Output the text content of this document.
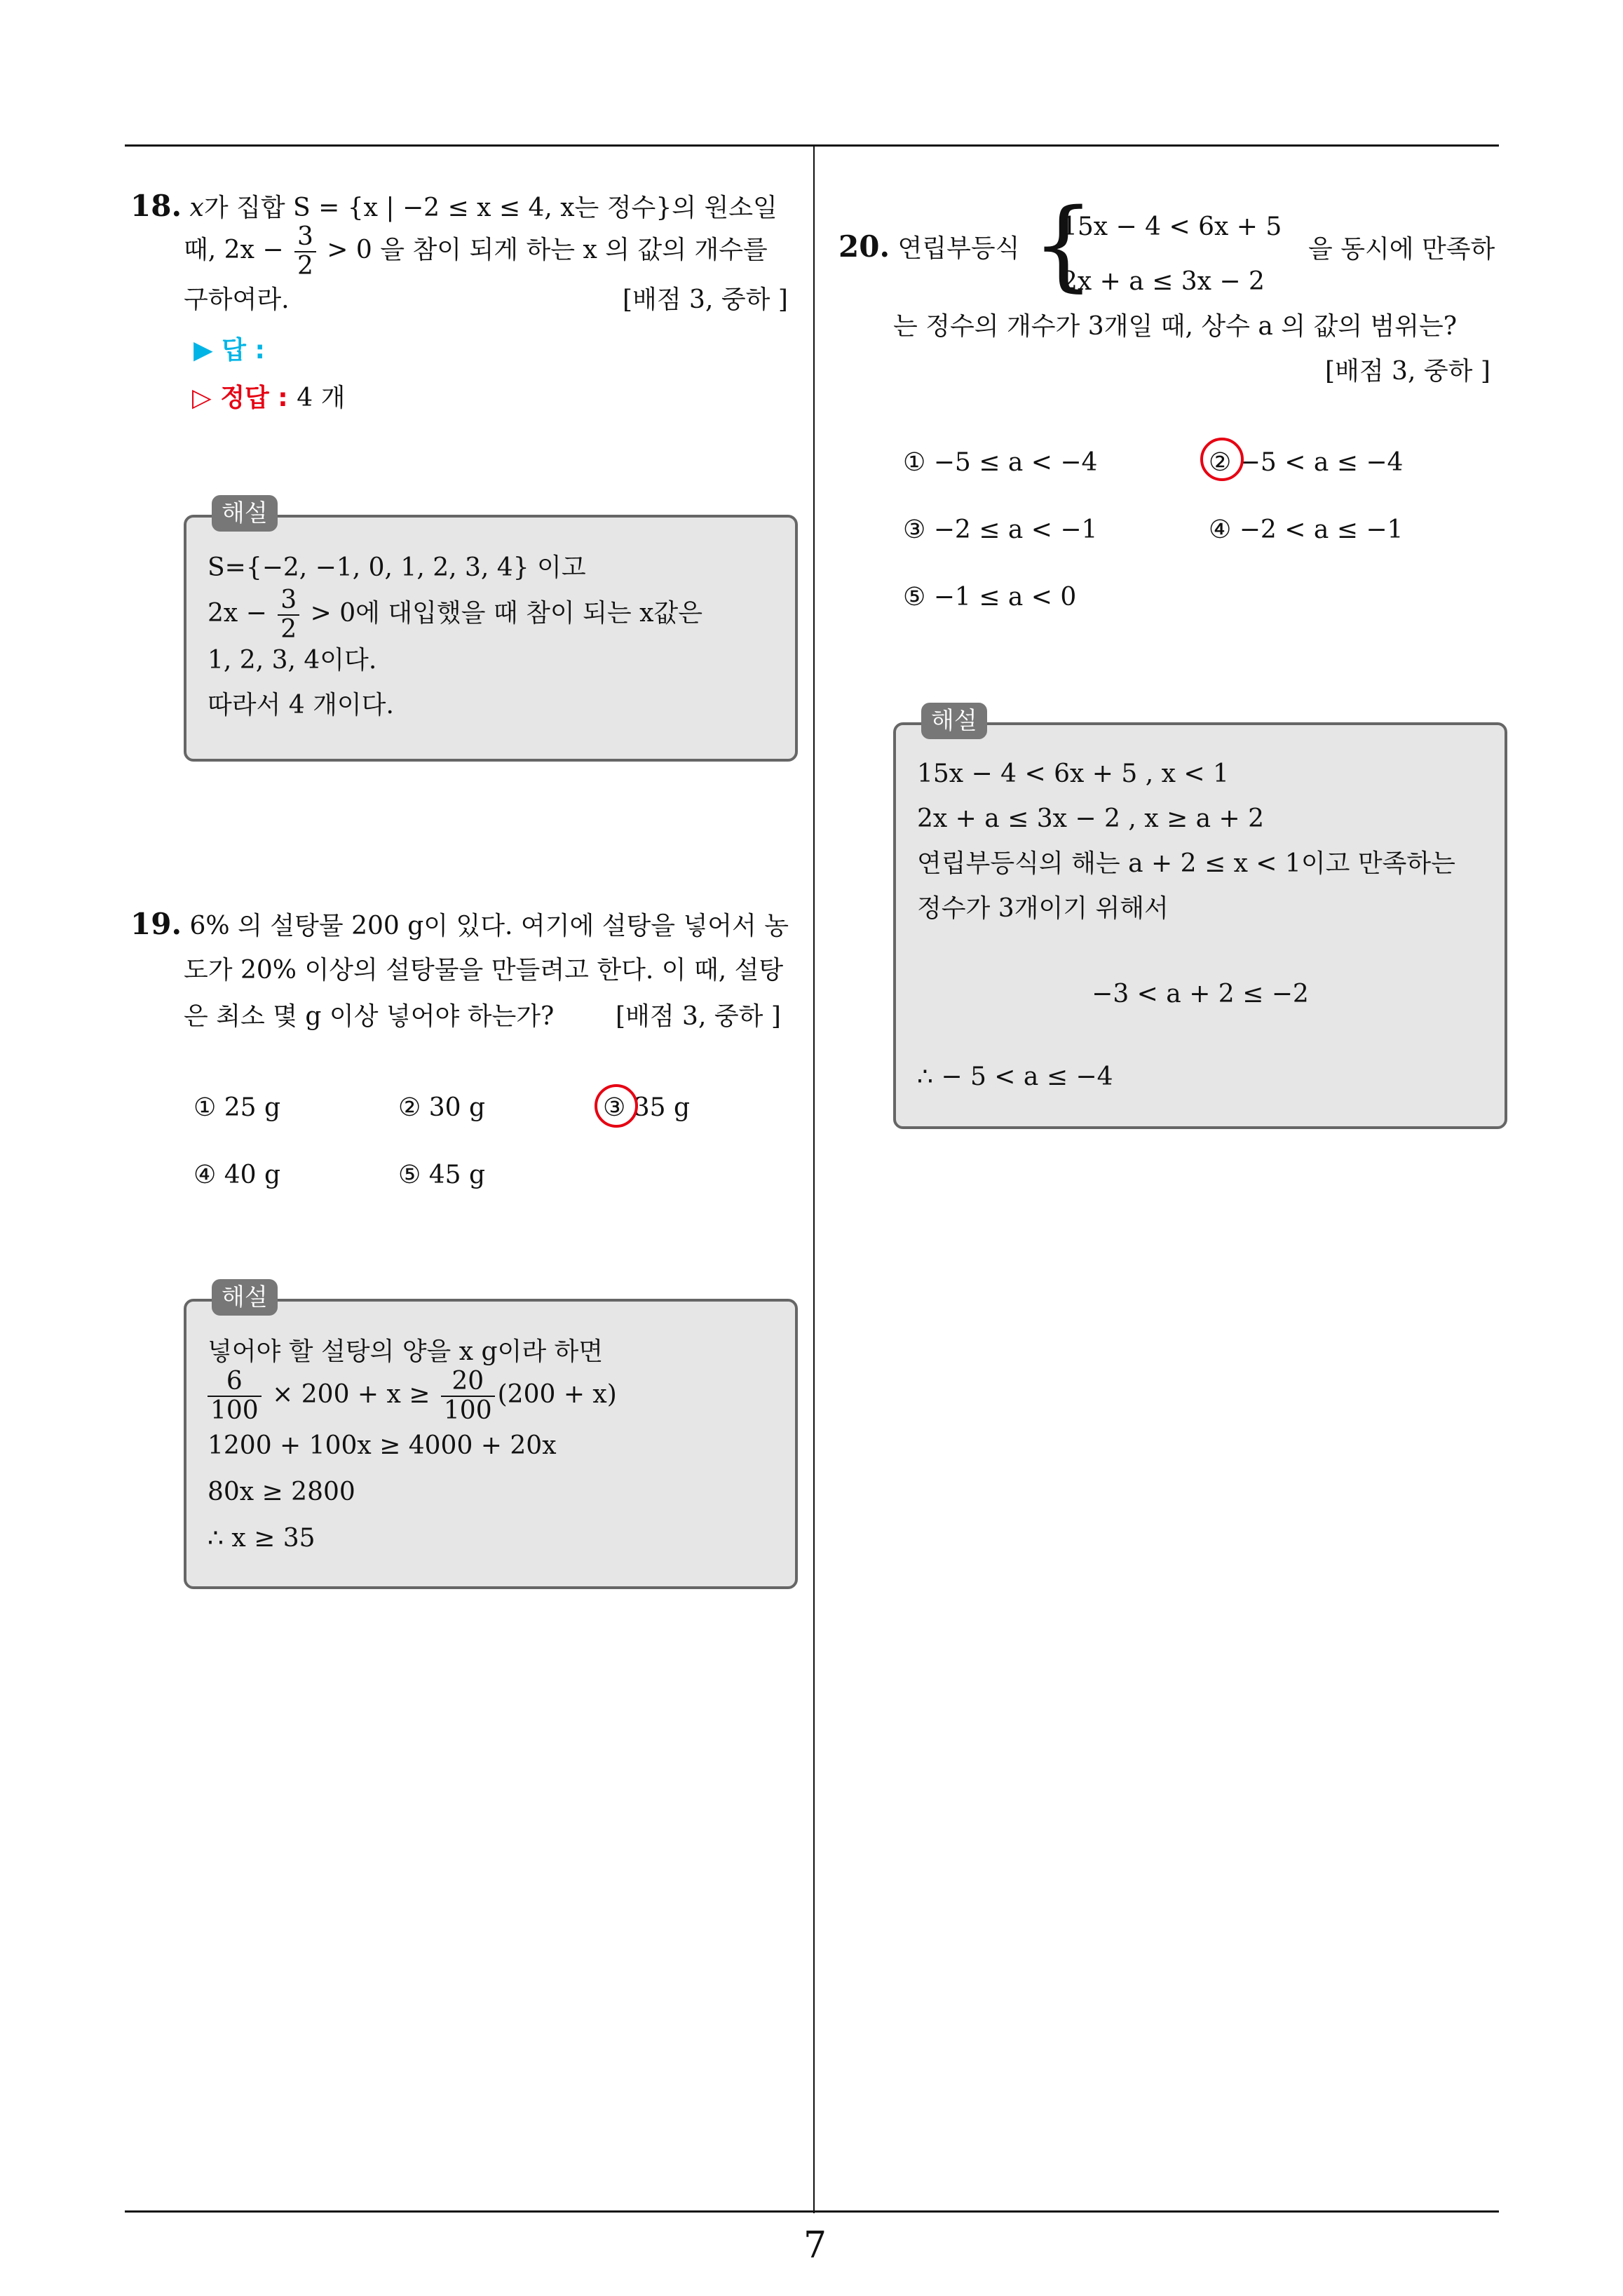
18. x가 집합 S = {x | −2 ≤ x ≤ 4, x는 정수}의 원소일
때, $2x - \frac{3}{2} > 0$ 을 참이 되게 하는 x 의 값의 개수를
구하여라.	[배점 3, 중하 ]
▶ 답 :
▷ 정답 : 4 개
해설
S={−2, −1, 0, 1, 2, 3, 4} 이고
$2x - \frac{3}{2} > 0$에 대입했을 때 참이 되는 x값은
1, 2, 3, 4이다.
따라서 4 개이다.
19. 6% 의 설탕물 200 g이 있다. 여기에 설탕을 넣어서 농
도가 20% 이상의 설탕물을 만들려고 한다. 이 때, 설탕
은 최소 몇 g 이상 넣어야 하는가? [배점 3, 중하 ]
① 25 g	② 30 g	③ 35 g
④ 40 g	⑤ 45 g
해설
넣어야 할 설탕의 양을 x g이라 하면
$\frac{6}{100} \times 200 + x \ge \frac{20}{100} (200 + x)$
1200 + 100x ≥ 4000 + 20x
80x ≥ 2800
∴ x ≥ 35
20. 연립부등식 {
15x − 4 < 6x + 5
2x + a ≤ 3x − 2
을 동시에 만족하
는 정수의 개수가 3개일 때, 상수 a 의 값의 범위는?
[배점 3, 중하 ]
① −5 ≤ a < −4	② −5 < a ≤ −4
③ −2 ≤ a < −1	④ −2 < a ≤ −1
⑤ −1 ≤ a < 0
해설
15x − 4 < 6x + 5 , x < 1
2x + a ≤ 3x − 2 , x ≥ a + 2
연립부등식의 해는 a + 2 ≤ x < 1이고 만족하는
정수가 3개이기 위해서
−3 < a + 2 ≤ −2
∴ − 5 < a ≤ −4
7
